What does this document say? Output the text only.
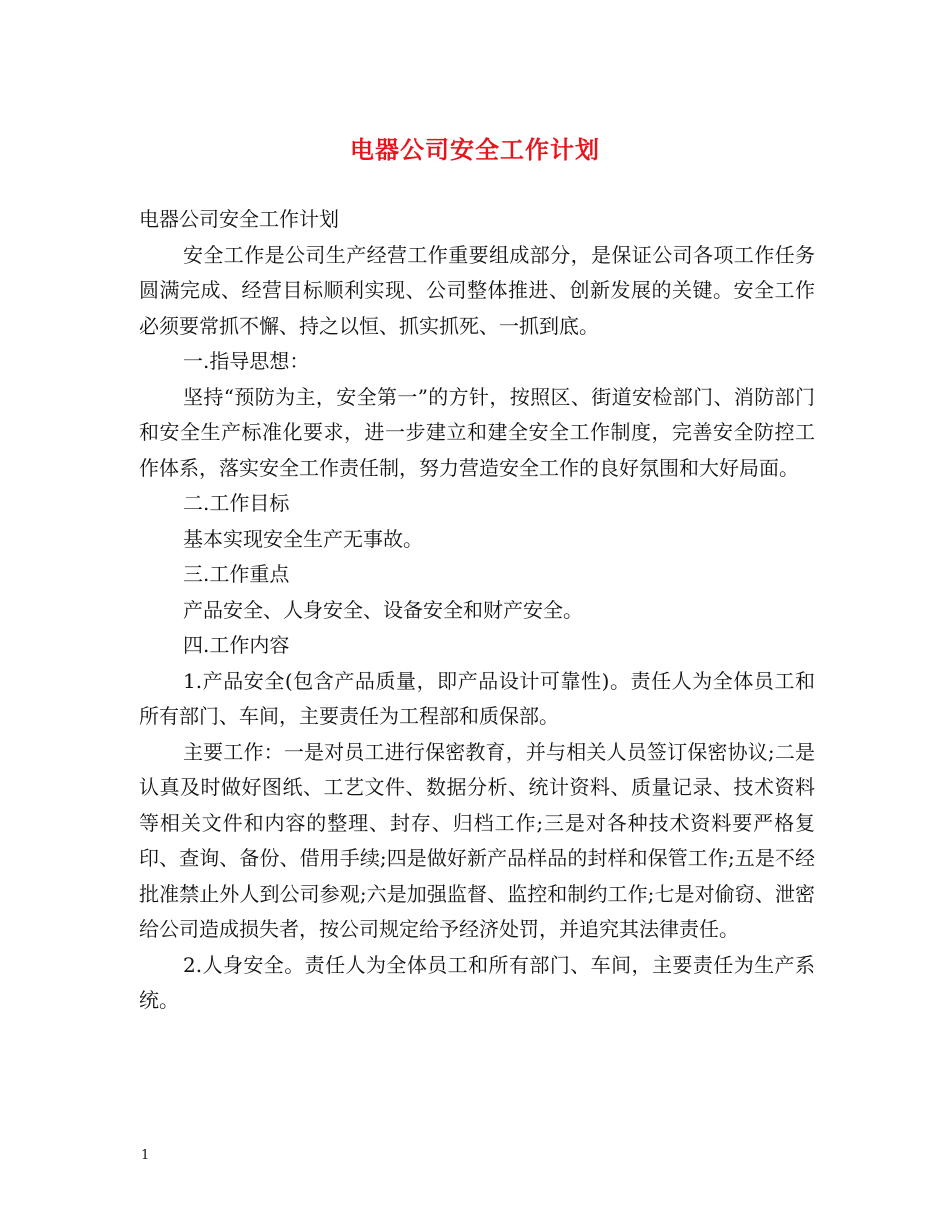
电器公司安全工作计划

电器公司安全工作计划

安全工作是公司生产经营工作重要组成部分，是保证公司各项工作任务圆满完成、经营目标顺利实现、公司整体推进、创新发展的关键。安全工作必须要常抓不懈、持之以恒、抓实抓死、一抓到底。

一.指导思想：

坚持“预防为主，安全第一”的方针，按照区、街道安检部门、消防部门和安全生产标准化要求，进一步建立和建全安全工作制度，完善安全防控工作体系，落实安全工作责任制，努力营造安全工作的良好氛围和大好局面。

二.工作目标

基本实现安全生产无事故。

三.工作重点

产品安全、人身安全、设备安全和财产安全。

四.工作内容

1.产品安全(包含产品质量，即产品设计可靠性)。责任人为全体员工和所有部门、车间，主要责任为工程部和质保部。

主要工作：一是对员工进行保密教育，并与相关人员签订保密协议;二是认真及时做好图纸、工艺文件、数据分析、统计资料、质量记录、技术资料等相关文件和内容的整理、封存、归档工作;三是对各种技术资料要严格复印、查询、备份、借用手续;四是做好新产品样品的封样和保管工作;五是不经批准禁止外人到公司参观;六是加强监督、监控和制约工作;七是对偷窃、泄密给公司造成损失者，按公司规定给予经济处罚，并追究其法律责任。

2.人身安全。责任人为全体员工和所有部门、车间，主要责任为生产系统。

1
